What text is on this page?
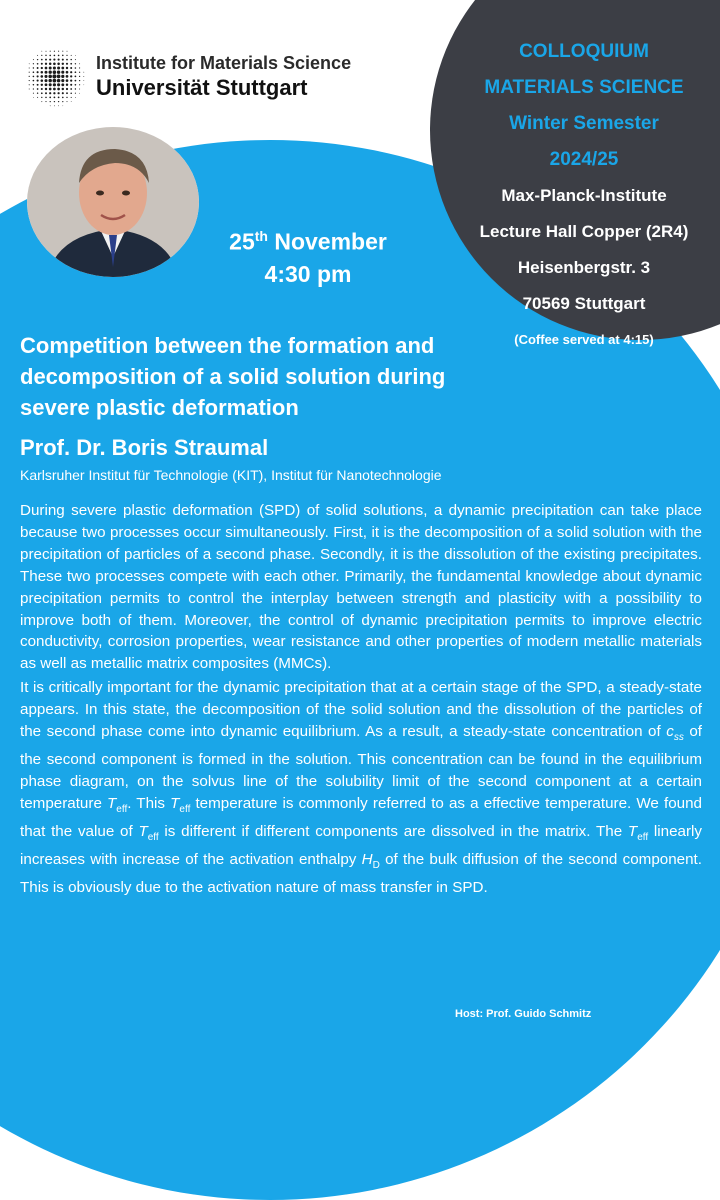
Institute for Materials Science
Universität Stuttgart
COLLOQUIUM
MATERIALS SCIENCE
Winter Semester
2024/25
Max-Planck-Institute
Lecture Hall Copper (2R4)
Heisenbergstr. 3
70569 Stuttgart
(Coffee served at 4:15)
25th November
4:30 pm
Competition between the formation and decomposition of a solid solution during severe plastic deformation
Prof. Dr. Boris Straumal
Karlsruher Institut für Technologie (KIT), Institut für Nanotechnologie

During severe plastic deformation (SPD) of solid solutions, a dynamic precipitation can take place because two processes occur simultaneously. First, it is the decomposition of a solid solution with the precipitation of particles of a second phase. Secondly, it is the dissolution of the existing precipitates. These two processes compete with each other. Primarily, the fundamental knowledge about dynamic precipitation permits to control the interplay between strength and plasticity with a possibility to improve both of them. Moreover, the control of dynamic precipitation permits to improve electric conductivity, corrosion properties, wear resistance and other properties of modern metallic materials as well as metallic matrix composites (MMCs).

It is critically important for the dynamic precipitation that at a certain stage of the SPD, a steady-state appears. In this state, the decomposition of the solid solution and the dissolution of the particles of the second phase come into dynamic equilibrium. As a result, a steady-state concentration of $c_{ss}$ of the second component is formed in the solution. This concentration can be found in the equilibrium phase diagram, on the solvus line of the solubility limit of the second component at a certain temperature $T_{eff}$. This $T_{eff}$ temperature is commonly referred to as a effective temperature. We found that the value of $T_{eff}$ is different if different components are dissolved in the matrix. The $T_{eff}$ linearly increases with increase of the activation enthalpy $H_D$ of the bulk diffusion of the second component. This is obviously due to the activation nature of mass transfer in SPD.

Host: Prof. Guido Schmitz
